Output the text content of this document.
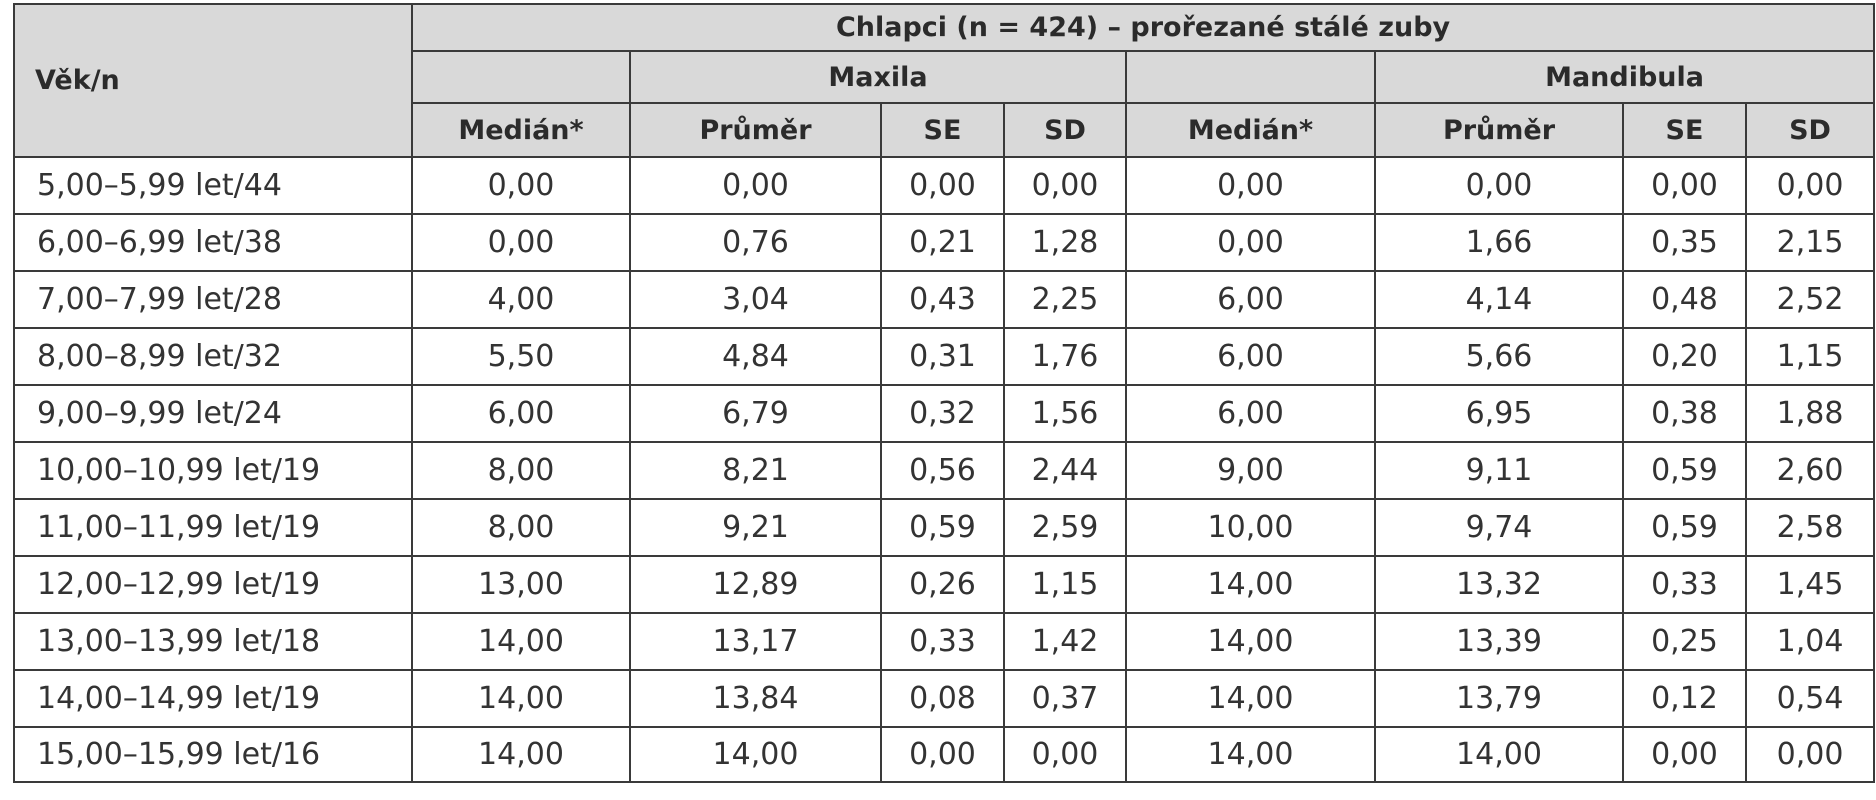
Věk/n	Chlapci (n = 424) – prořezané stálé zuby							
		Maxila				Mandibula		
	Medián*	Průměr	SE	SD	Medián*	Průměr	SE	SD
5,00–5,99 let/44	0,00	0,00	0,00	0,00	0,00	0,00	0,00	0,00
6,00–6,99 let/38	0,00	0,76	0,21	1,28	0,00	1,66	0,35	2,15
7,00–7,99 let/28	4,00	3,04	0,43	2,25	6,00	4,14	0,48	2,52
8,00–8,99 let/32	5,50	4,84	0,31	1,76	6,00	5,66	0,20	1,15
9,00–9,99 let/24	6,00	6,79	0,32	1,56	6,00	6,95	0,38	1,88
10,00–10,99 let/19	8,00	8,21	0,56	2,44	9,00	9,11	0,59	2,60
11,00–11,99 let/19	8,00	9,21	0,59	2,59	10,00	9,74	0,59	2,58
12,00–12,99 let/19	13,00	12,89	0,26	1,15	14,00	13,32	0,33	1,45
13,00–13,99 let/18	14,00	13,17	0,33	1,42	14,00	13,39	0,25	1,04
14,00–14,99 let/19	14,00	13,84	0,08	0,37	14,00	13,79	0,12	0,54
15,00–15,99 let/16	14,00	14,00	0,00	0,00	14,00	14,00	0,00	0,00
